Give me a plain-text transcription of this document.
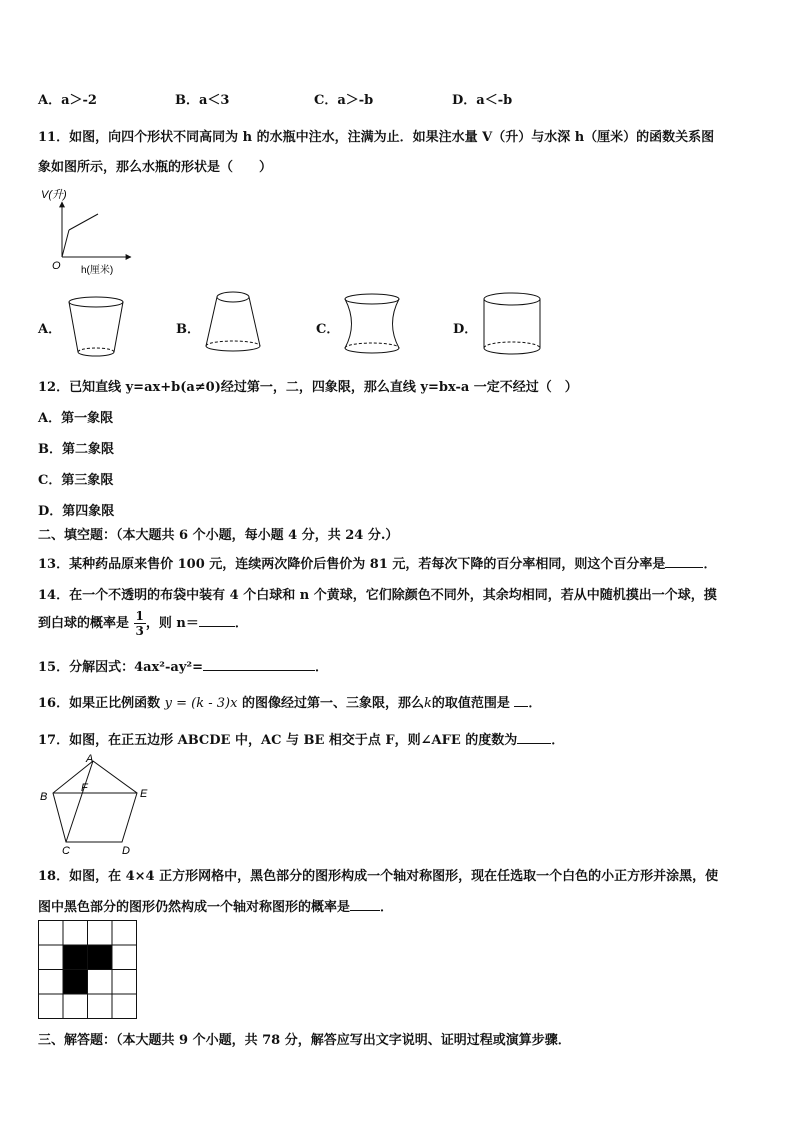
A．a＞-2	B．a＜3	C．a＞-b	D．a＜-b
11．如图，向四个形状不同高同为 h 的水瓶中注水，注满为止．如果注水量 V（升）与水深 h（厘米）的函数关系图
象如图所示，那么水瓶的形状是（　　）
V(升)
O h(厘米)
A．	B．	C．	D．
12．已知直线 y=ax+b(a≠0)经过第一，二，四象限，那么直线 y=bx-a 一定不经过（　）
A．第一象限
B．第二象限
C．第三象限
D．第四象限
二、填空题：（本大题共 6 个小题，每小题 4 分，共 24 分.）
13．某种药品原来售价 100 元，连续两次降价后售价为 81 元，若每次下降的百分率相同，则这个百分率是	．
14．在一个不透明的布袋中装有 4 个白球和 n 个黄球，它们除颜色不同外，其余均相同，若从中随机摸出一个球，摸
到白球的概率是 $\frac{1}{3}$ ，则 n＝	．
15．分解因式：4ax²-ay²=	．
16．如果正比例函数 y = (k - 3)x 的图像经过第一、三象限，那么k的取值范围是 ．
17．如图，在正五边形 ABCDE 中，AC 与 BE 相交于点 F，则∠AFE 的度数为	．
A
B
F	E
C	D
18．如图，在 4×4 正方形网格中，黑色部分的图形构成一个轴对称图形，现在任选取一个白色的小正方形并涂黑，使
图中黑色部分的图形仍然构成一个轴对称图形的概率是 ．
三、解答题：（本大题共 9 个小题，共 78 分，解答应写出文字说明、证明过程或演算步骤．
